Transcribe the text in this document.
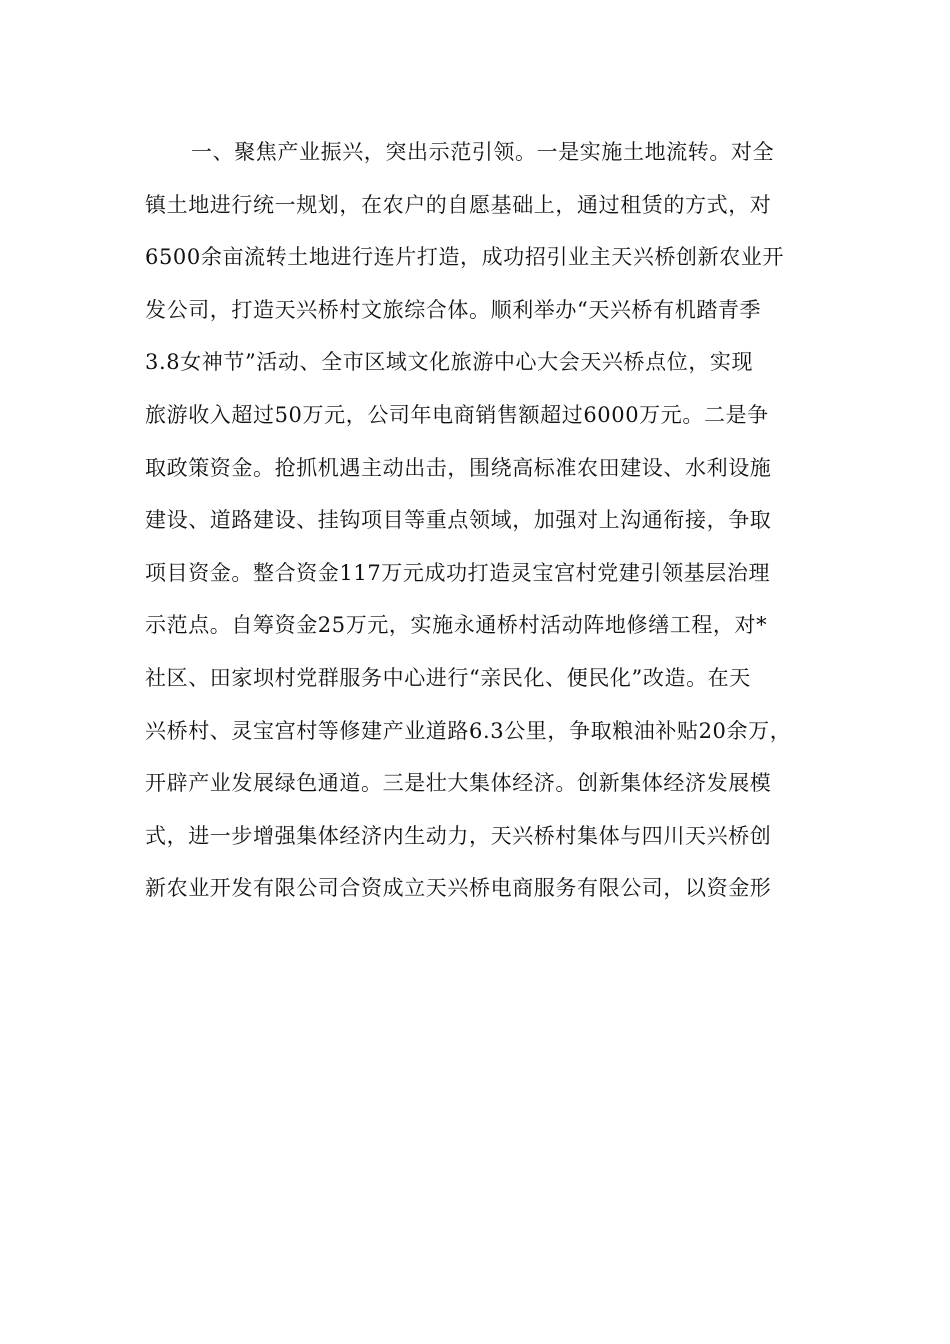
一、聚焦产业振兴，突出示范引领。一是实施土地流转。对全
镇土地进行统一规划，在农户的自愿基础上，通过租赁的方式，对
6500余亩流转土地进行连片打造，成功招引业主天兴桥创新农业开
发公司，打造天兴桥村文旅综合体。顺利举办“天兴桥有机踏青季
3.8女神节”活动、全市区域文化旅游中心大会天兴桥点位，实现
旅游收入超过50万元，公司年电商销售额超过6000万元。二是争
取政策资金。抢抓机遇主动出击，围绕高标准农田建设、水利设施
建设、道路建设、挂钩项目等重点领域，加强对上沟通衔接，争取
项目资金。整合资金117万元成功打造灵宝宫村党建引领基层治理
示范点。自筹资金25万元，实施永通桥村活动阵地修缮工程，对*
社区、田家坝村党群服务中心进行“亲民化、便民化”改造。在天
兴桥村、灵宝宫村等修建产业道路6.3公里，争取粮油补贴20余万，
开辟产业发展绿色通道。三是壮大集体经济。创新集体经济发展模
式，进一步增强集体经济内生动力，天兴桥村集体与四川天兴桥创
新农业开发有限公司合资成立天兴桥电商服务有限公司，以资金形
